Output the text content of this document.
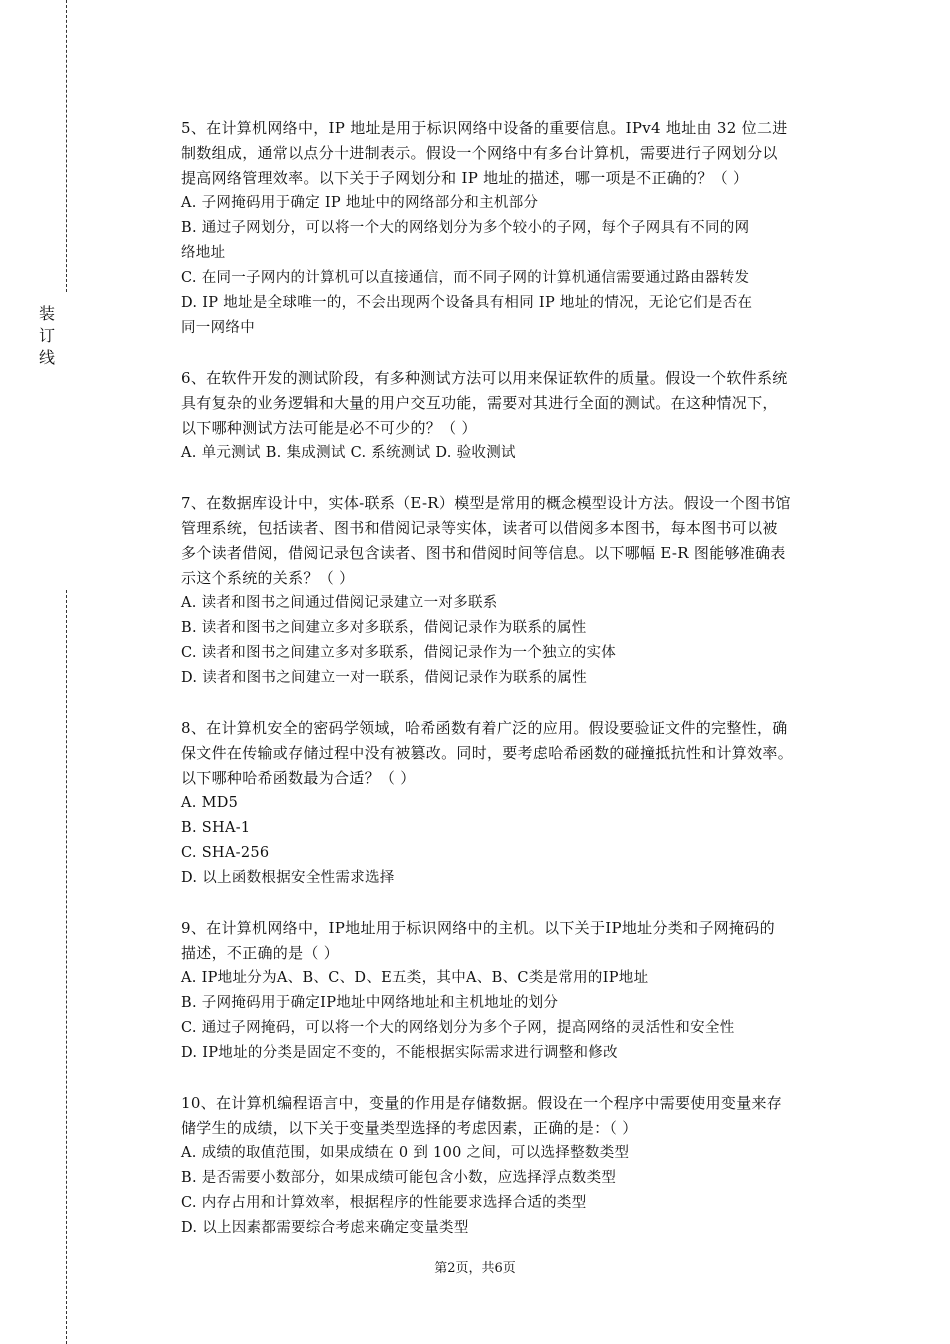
装
订
线
5、在计算机网络中，IP 地址是用于标识网络中设备的重要信息。IPv4 地址由 32 位二进
制数组成，通常以点分十进制表示。假设一个网络中有多台计算机，需要进行子网划分以
提高网络管理效率。以下关于子网划分和 IP 地址的描述，哪一项是不正确的？（ ）
A. 子网掩码用于确定 IP 地址中的网络部分和主机部分
B. 通过子网划分，可以将一个大的网络划分为多个较小的子网，每个子网具有不同的网
络地址
C. 在同一子网内的计算机可以直接通信，而不同子网的计算机通信需要通过路由器转发
D. IP 地址是全球唯一的，不会出现两个设备具有相同 IP 地址的情况，无论它们是否在
同一网络中
6、在软件开发的测试阶段，有多种测试方法可以用来保证软件的质量。假设一个软件系统
具有复杂的业务逻辑和大量的用户交互功能，需要对其进行全面的测试。在这种情况下，
以下哪种测试方法可能是必不可少的？（ ）
A. 单元测试 B. 集成测试 C. 系统测试 D. 验收测试
7、在数据库设计中，实体-联系（E-R）模型是常用的概念模型设计方法。假设一个图书馆
管理系统，包括读者、图书和借阅记录等实体，读者可以借阅多本图书，每本图书可以被
多个读者借阅，借阅记录包含读者、图书和借阅时间等信息。以下哪幅 E-R 图能够准确表
示这个系统的关系？（ ）
A. 读者和图书之间通过借阅记录建立一对多联系
B. 读者和图书之间建立多对多联系，借阅记录作为联系的属性
C. 读者和图书之间建立多对多联系，借阅记录作为一个独立的实体
D. 读者和图书之间建立一对一联系，借阅记录作为联系的属性
8、在计算机安全的密码学领域，哈希函数有着广泛的应用。假设要验证文件的完整性，确
保文件在传输或存储过程中没有被篡改。同时，要考虑哈希函数的碰撞抵抗性和计算效率。
以下哪种哈希函数最为合适？（ ）
A. MD5
B. SHA-1
C. SHA-256
D. 以上函数根据安全性需求选择
9、在计算机网络中，IP地址用于标识网络中的主机。以下关于IP地址分类和子网掩码的
描述，不正确的是（ ）
A. IP地址分为A、B、C、D、E五类，其中A、B、C类是常用的IP地址
B. 子网掩码用于确定IP地址中网络地址和主机地址的划分
C. 通过子网掩码，可以将一个大的网络划分为多个子网，提高网络的灵活性和安全性
D. IP地址的分类是固定不变的，不能根据实际需求进行调整和修改
10、在计算机编程语言中，变量的作用是存储数据。假设在一个程序中需要使用变量来存
储学生的成绩，以下关于变量类型选择的考虑因素，正确的是：（ ）
A. 成绩的取值范围，如果成绩在 0 到 100 之间，可以选择整数类型
B. 是否需要小数部分，如果成绩可能包含小数，应选择浮点数类型
C. 内存占用和计算效率，根据程序的性能要求选择合适的类型
D. 以上因素都需要综合考虑来确定变量类型
第2页，共6页
